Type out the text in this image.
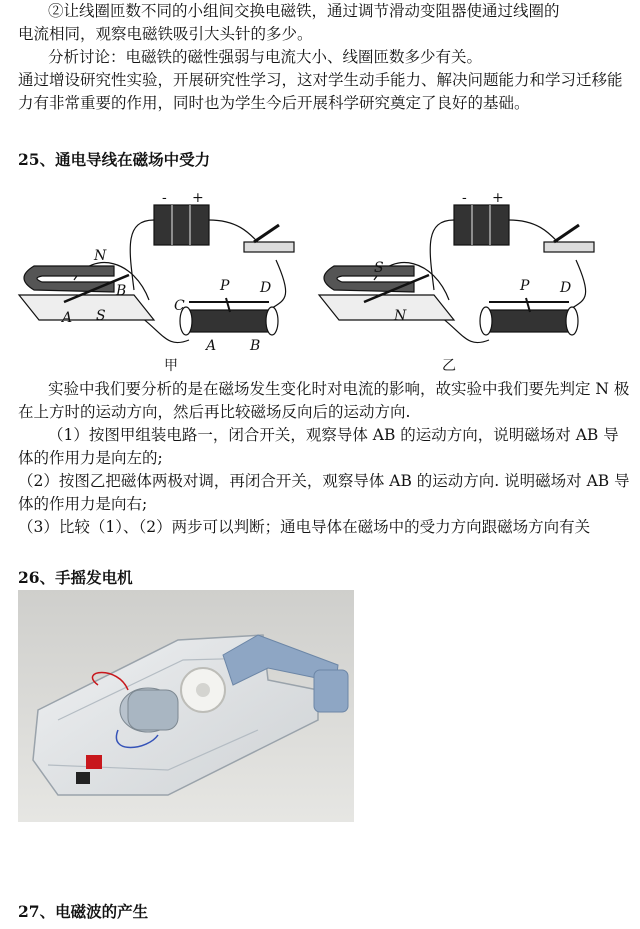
②让线圈匝数不同的小组间交换电磁铁，通过调节滑动变阻器使通过线圈的
电流相同，观察电磁铁吸引大头针的多少。

分析讨论：电磁铁的磁性强弱与电流大小、线圈匝数多少有关。

通过增设研究性实验，开展研究性学习，这对学生动手能力、解决问题能力和学习迁移能力有非常重要的作用，同时也为学生今后开展科学研究奠定了良好的基础。

25、通电导线在磁场中受力
N
S
A
B
C
P D
A B
+
-
甲
S
N
P D
+
-
乙

实验中我们要分析的是在磁场发生变化时对电流的影响，故实验中我们要先判定 N 极在上方时的运动方向，然后再比较磁场反向后的运动方向.

（1）按图甲组装电路一，闭合开关，观察导体 AB 的运动方向，说明磁场对 AB 导体的作用力是向左的;

（2）按图乙把磁体两极对调，再闭合开关，观察导体 AB 的运动方向. 说明磁场对 AB 导体的作用力是向右;

（3）比较（1）、（2）两步可以判断；通电导体在磁场中的受力方向跟磁场方向有关

26、手摇发电机
27、电磁波的产生
